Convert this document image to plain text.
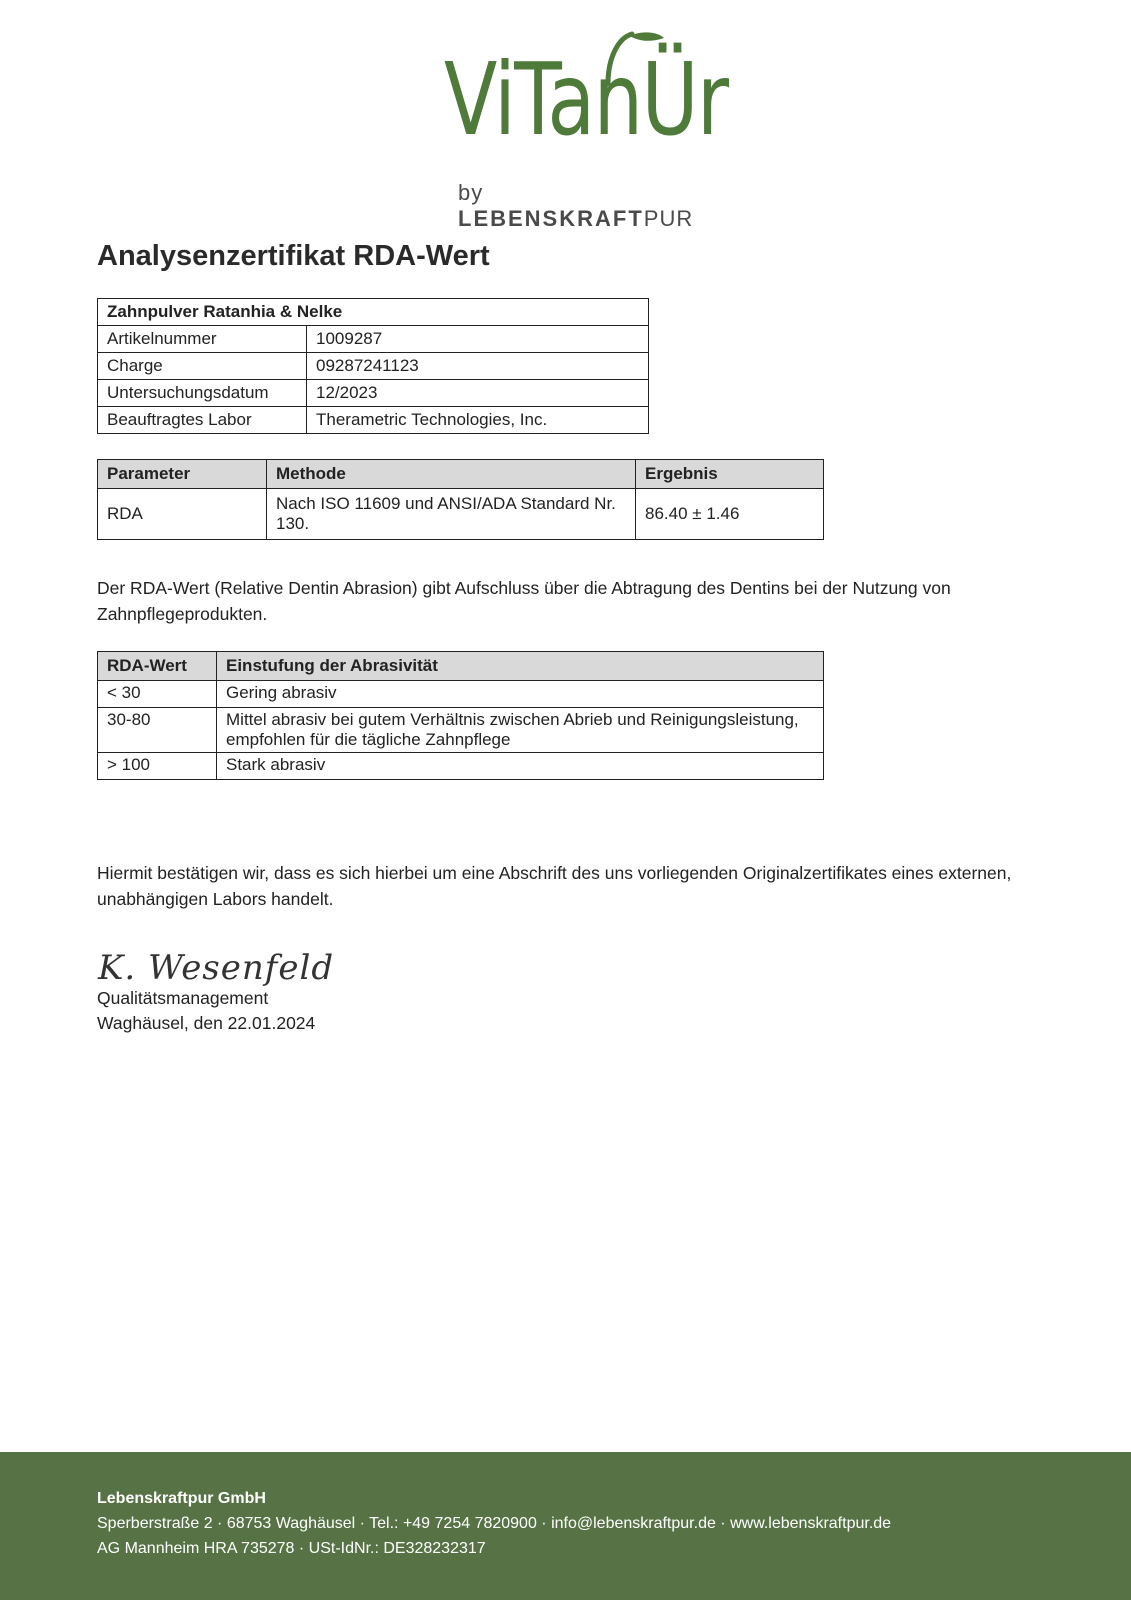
ViTanÜr
by LEBENSKRAFTPUR
Analysenzertifikat RDA-Wert
Zahnpulver Ratanhia & Nelke	
Artikelnummer	1009287
Charge	09287241123
Untersuchungsdatum	12/2023
Beauftragtes Labor	Therametric Technologies, Inc.
Parameter	Methode	Ergebnis
RDA	Nach ISO 11609 und ANSI/ADA Standard Nr. 130.	86.40 ± 1.46

Der RDA-Wert (Relative Dentin Abrasion) gibt Aufschluss über die Abtragung des Dentins bei der Nutzung von Zahnpflegeprodukten.

RDA-Wert	Einstufung der Abrasivität
< 30	Gering abrasiv
30-80	Mittel abrasiv bei gutem Verhältnis zwischen Abrieb und Reinigungsleistung, empfohlen für die tägliche Zahnpflege
> 100	Stark abrasiv

Hiermit bestätigen wir, dass es sich hierbei um eine Abschrift des uns vorliegenden Originalzertifikates eines externen, unabhängigen Labors handelt.

K. Wesenfeld
Qualitätsmanagement
Waghäusel, den 22.01.2024
Lebenskraftpur GmbH
Sperberstraße 2 · 68753 Waghäusel · Tel.: +49 7254 7820900 · info@lebenskraftpur.de · www.lebenskraftpur.de
AG Mannheim HRA 735278 · USt-IdNr.: DE328232317
